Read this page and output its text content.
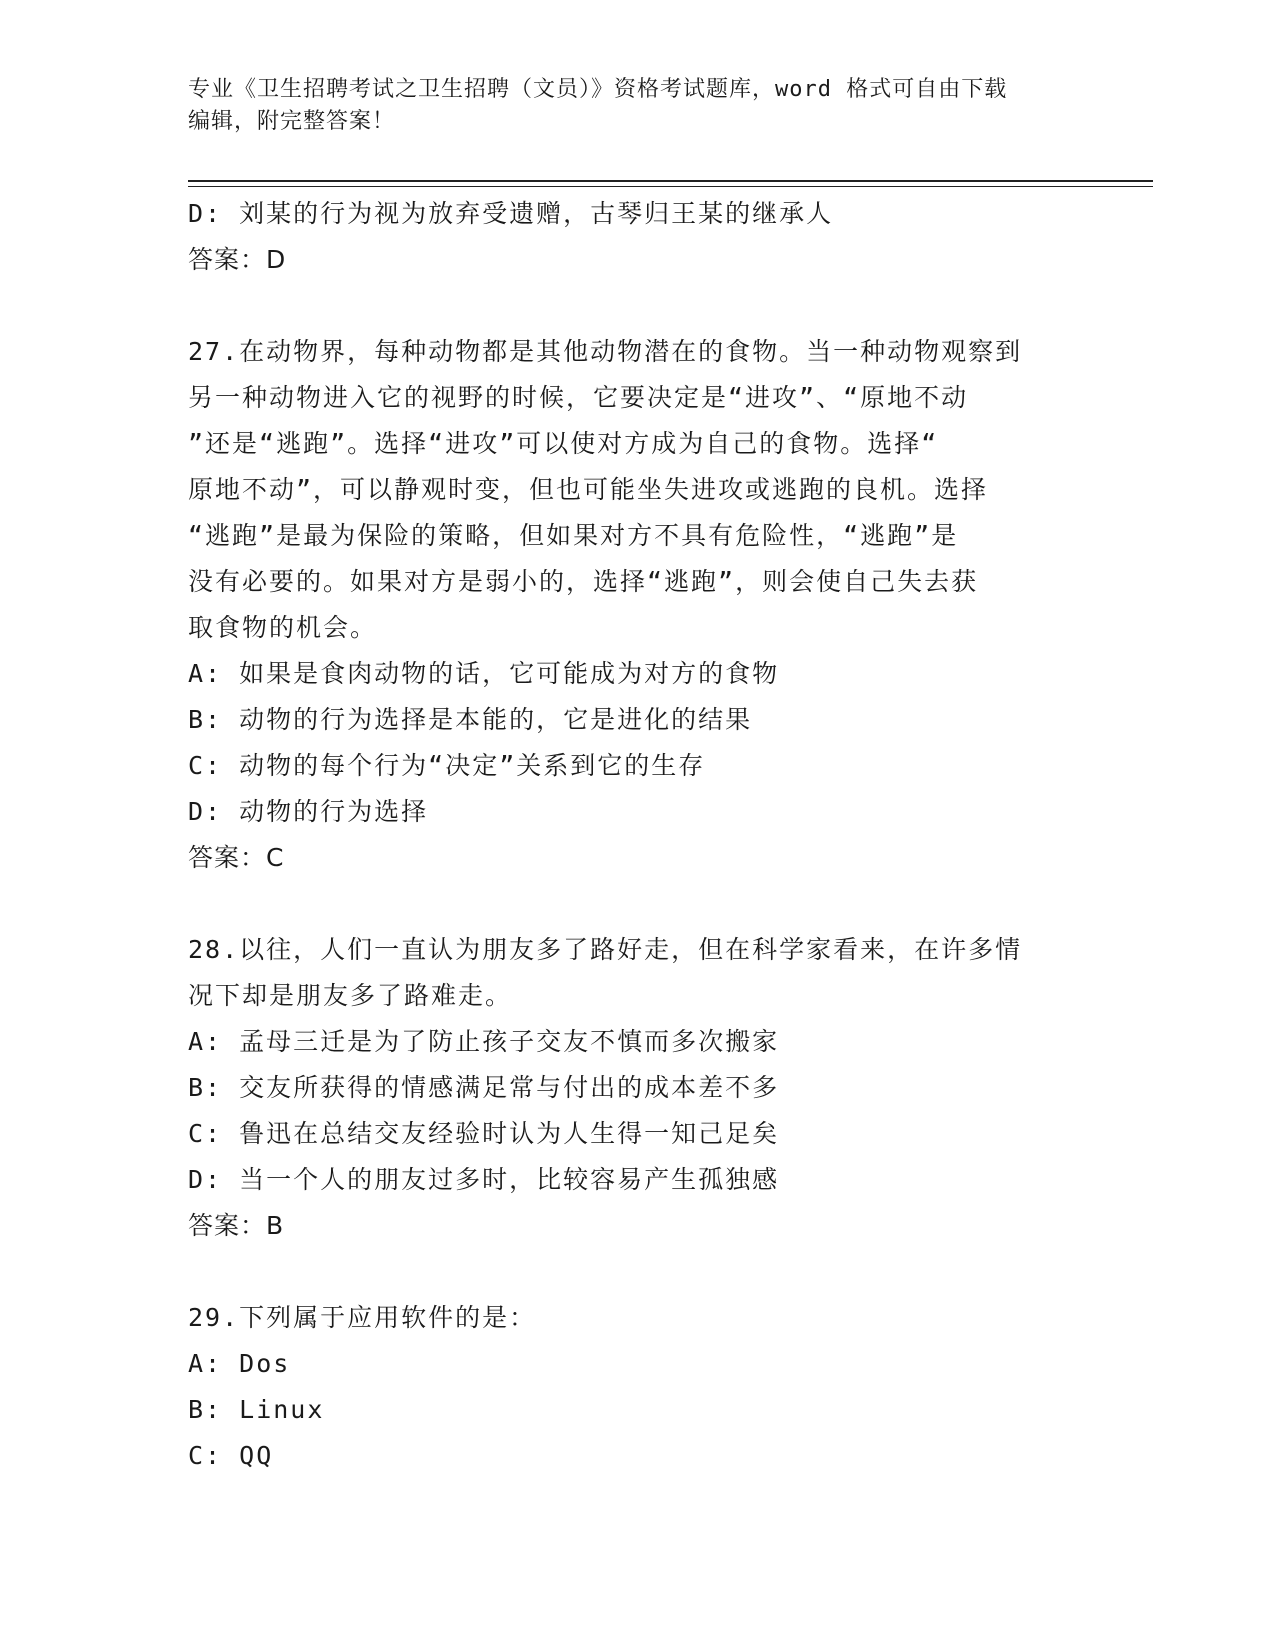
专业《卫生招聘考试之卫生招聘（文员）》资格考试题库，word 格式可自由下载
编辑，附完整答案！
D: 刘某的行为视为放弃受遗赠，古琴归王某的继承人
答案：D
27.在动物界，每种动物都是其他动物潜在的食物。当一种动物观察到
另一种动物进入它的视野的时候，它要决定是“进攻”、“原地不动
”还是“逃跑”。选择“进攻”可以使对方成为自己的食物。选择“
原地不动”，可以静观时变，但也可能坐失进攻或逃跑的良机。选择
“逃跑”是最为保险的策略，但如果对方不具有危险性，“逃跑”是
没有必要的。如果对方是弱小的，选择“逃跑”，则会使自己失去获
取食物的机会。
A: 如果是食肉动物的话，它可能成为对方的食物
B: 动物的行为选择是本能的，它是进化的结果
C: 动物的每个行为“决定”关系到它的生存
D: 动物的行为选择
答案：C
28.以往，人们一直认为朋友多了路好走，但在科学家看来，在许多情
况下却是朋友多了路难走。
A: 孟母三迁是为了防止孩子交友不慎而多次搬家
B: 交友所获得的情感满足常与付出的成本差不多
C: 鲁迅在总结交友经验时认为人生得一知己足矣
D: 当一个人的朋友过多时，比较容易产生孤独感
答案：B
29.下列属于应用软件的是：
A: Dos
B: Linux
C: QQ
